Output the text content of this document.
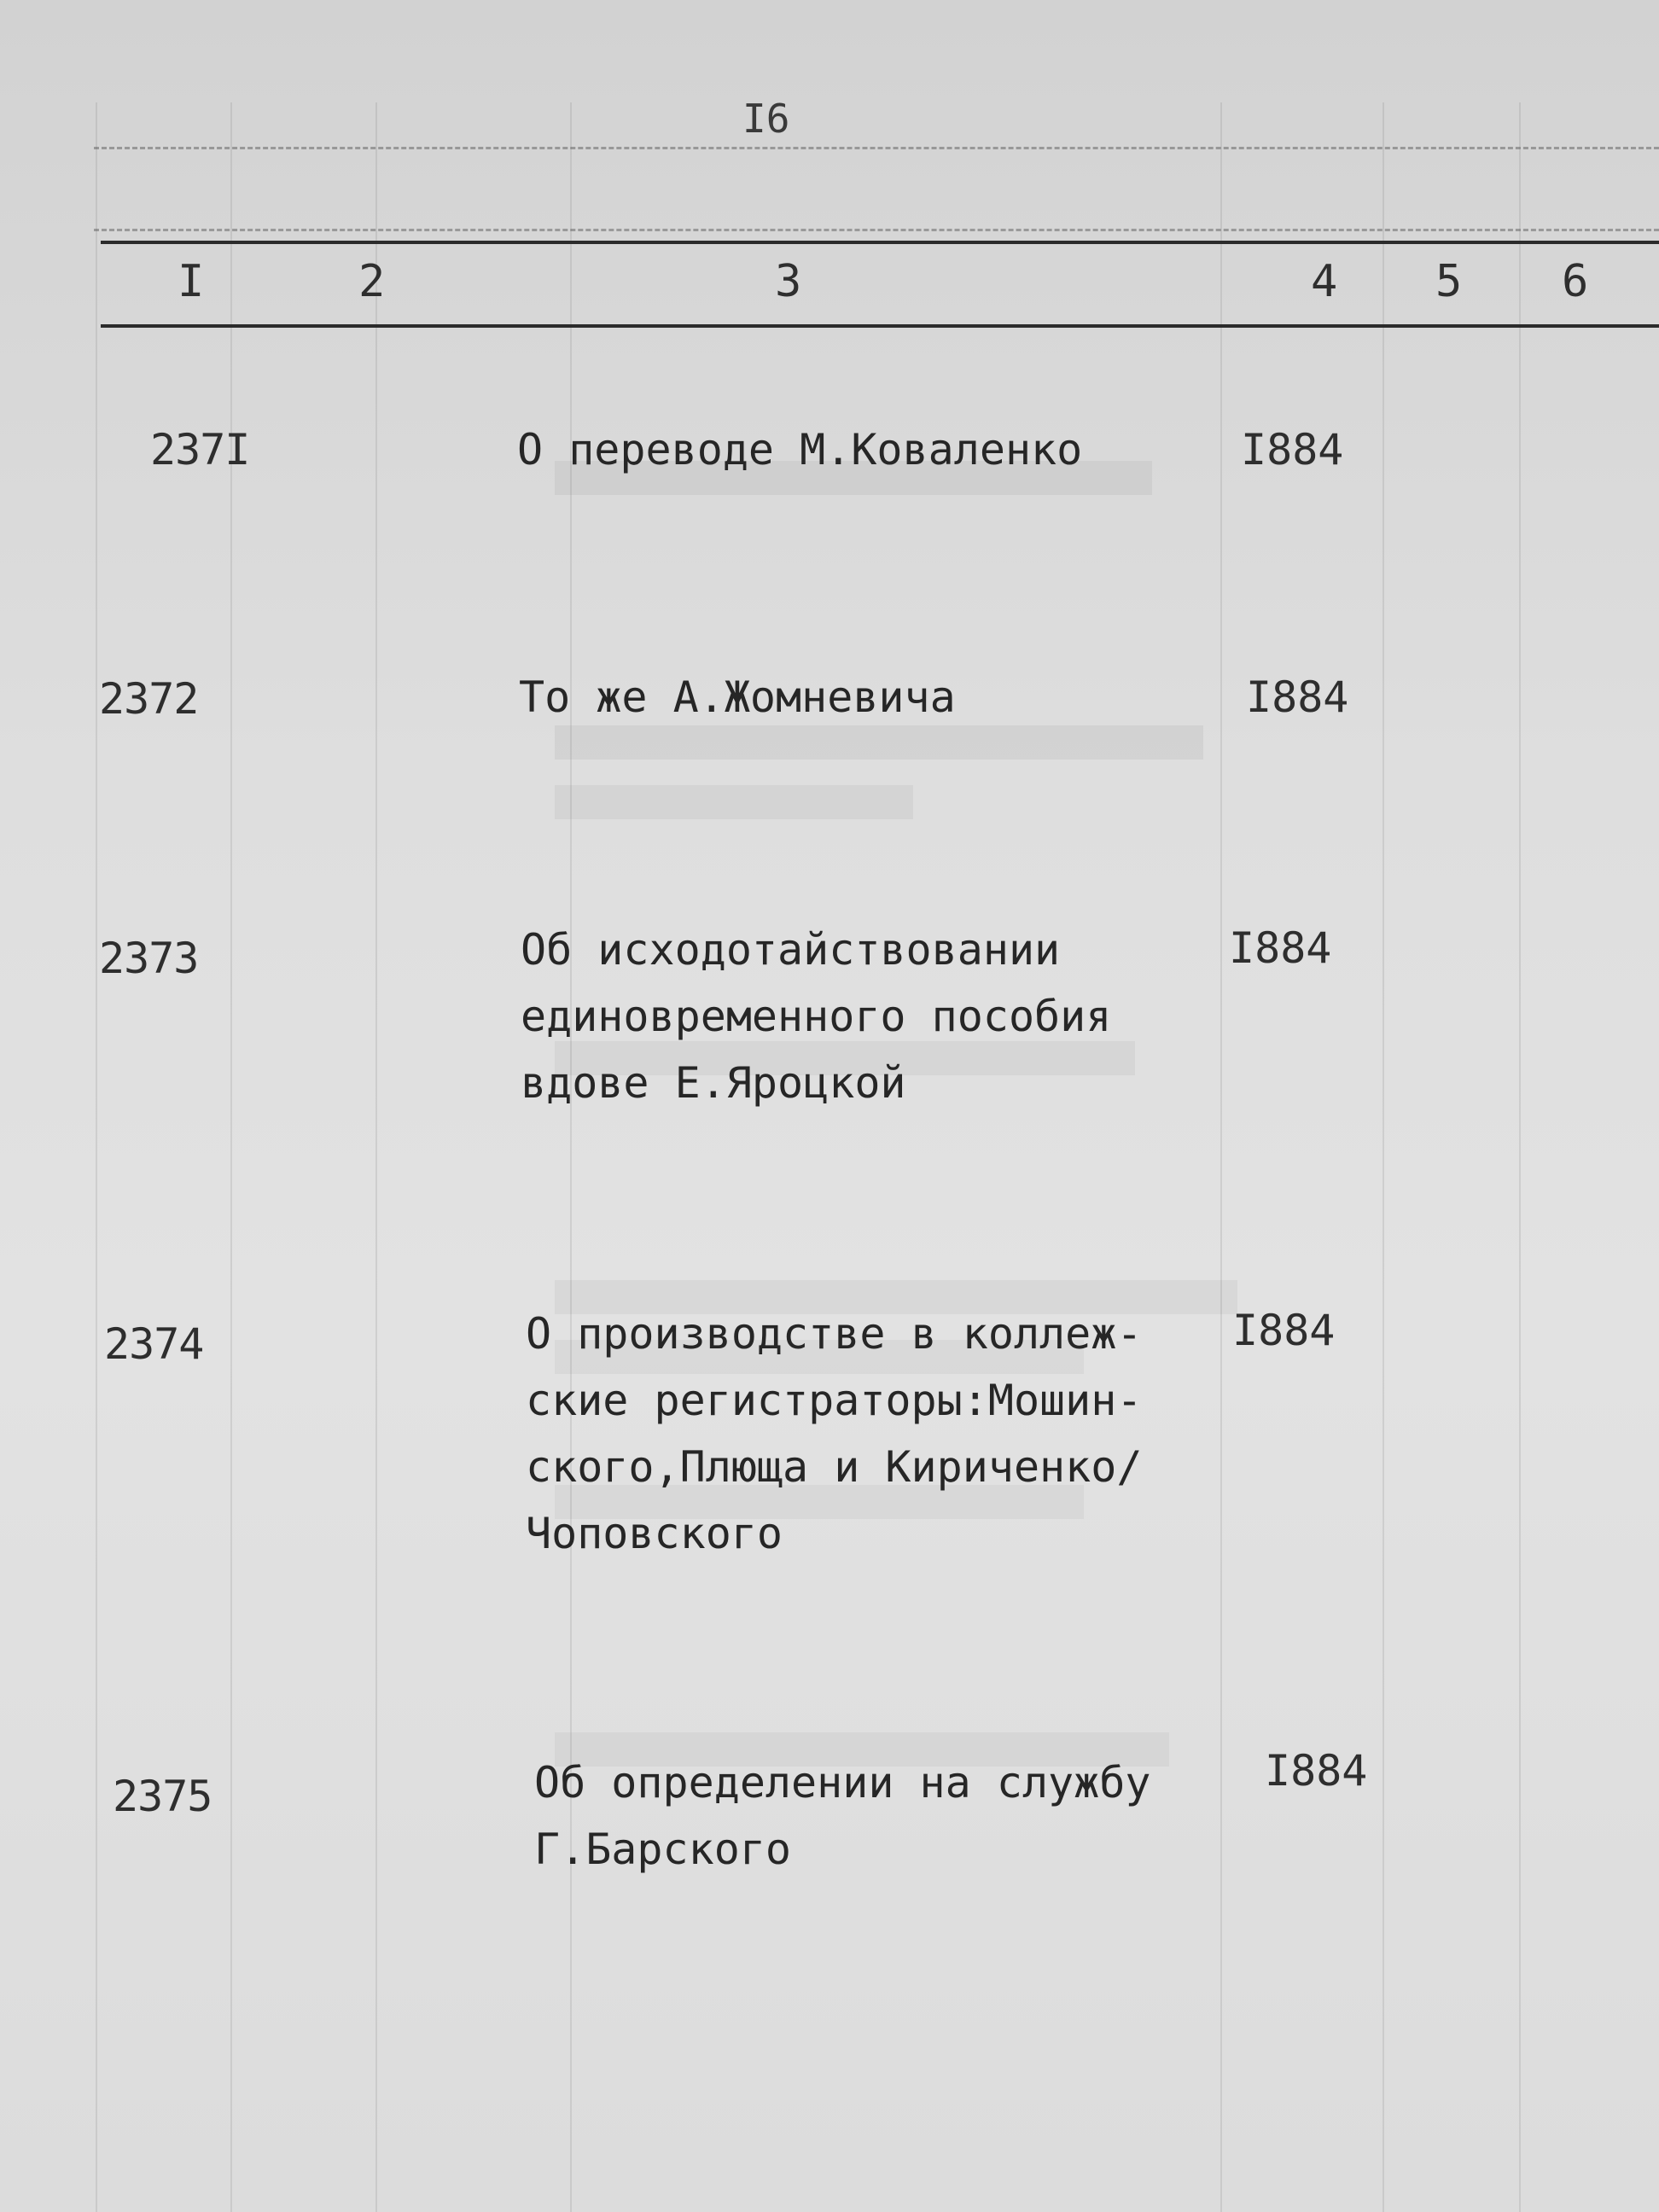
I6
I	2	3	4 5 6
237I	О переводе М.Коваленко	I884
2372	То же А.Жомневича	I884
2373	Об исходотайствовании
единовременного пособия
вдове Е.Яроцкой
I884
2374	О производстве в коллеж-
ские регистраторы:Мошин-
ского,Плюща и Кириченко/
Чоповского
I884
2375	Об определении на службу
Г.Барского
I884
